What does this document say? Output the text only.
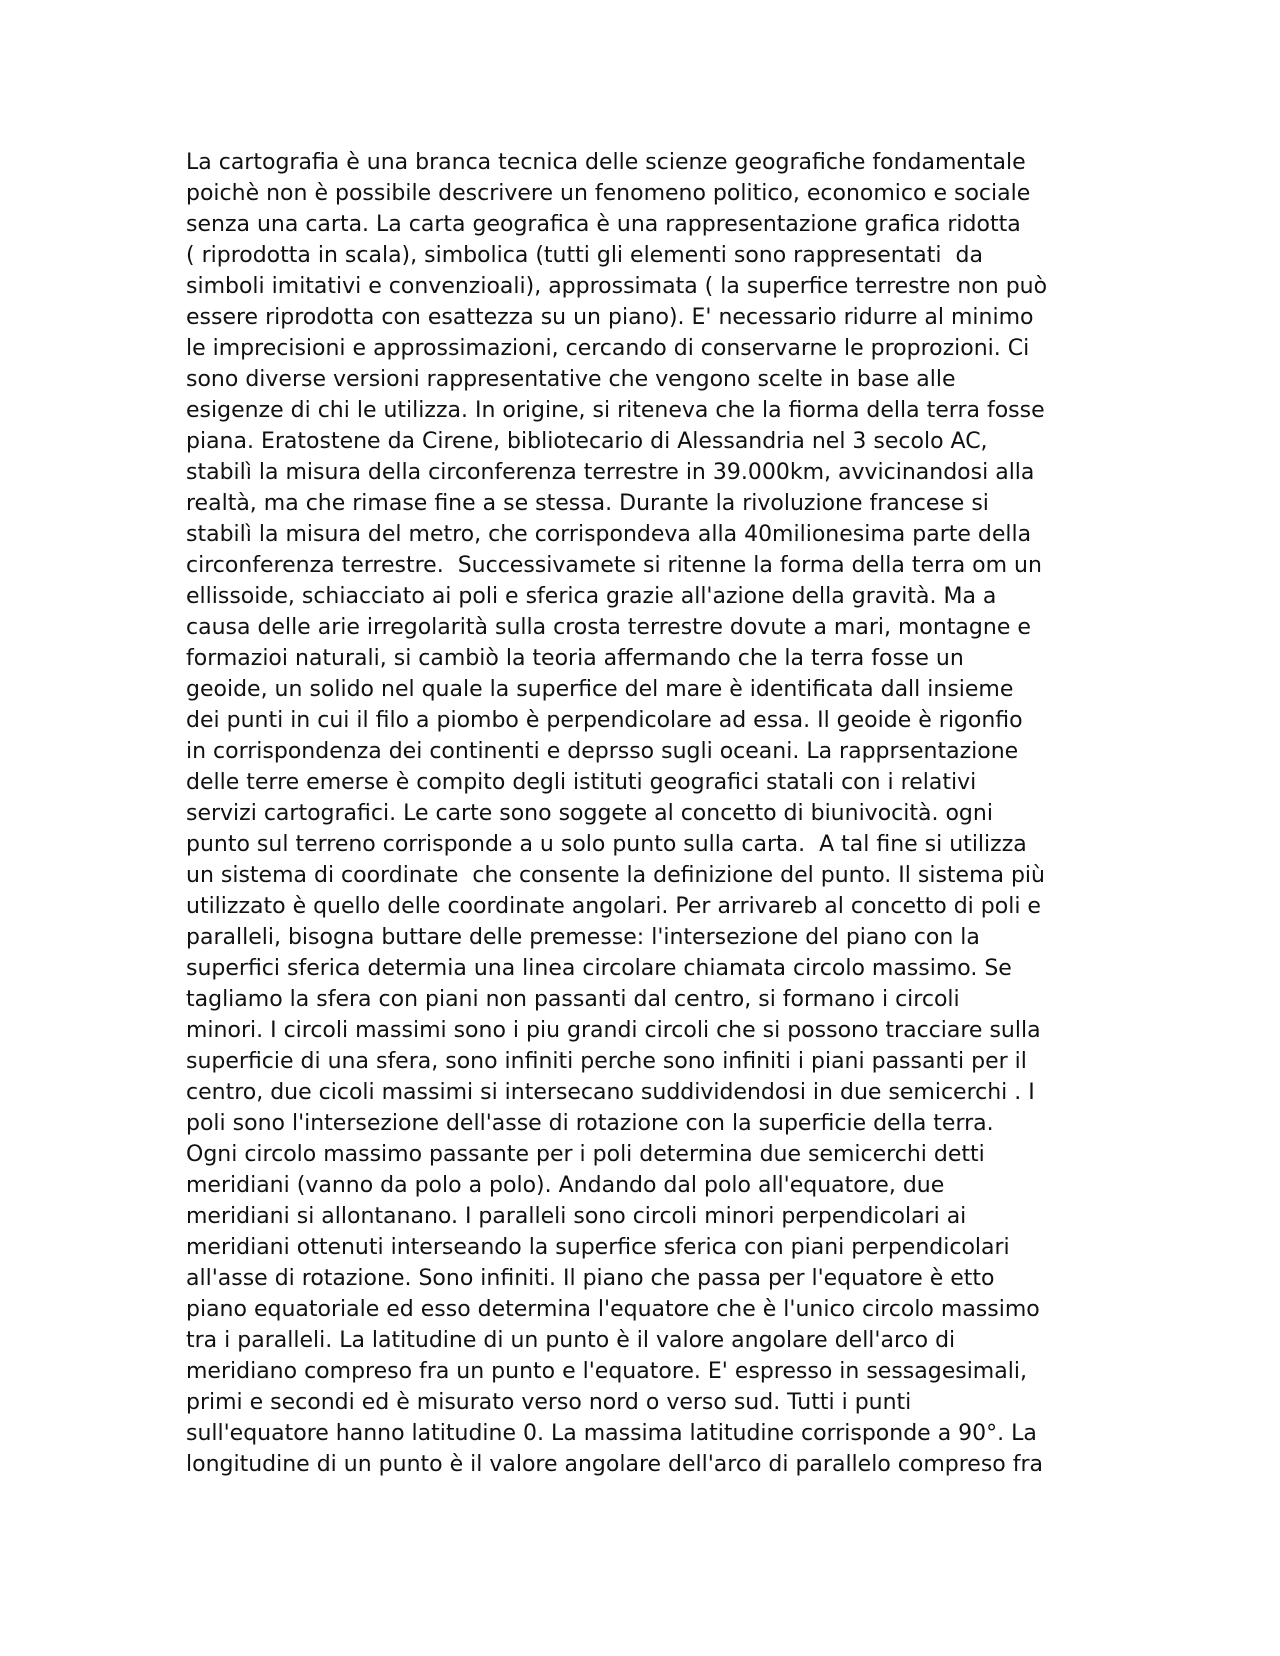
La cartografia è una branca tecnica delle scienze geografiche fondamentale
poichè non è possibile descrivere un fenomeno politico, economico e sociale
senza una carta. La carta geografica è una rappresentazione grafica ridotta
( riprodotta in scala), simbolica (tutti gli elementi sono rappresentati  da
simboli imitativi e convenzioali), approssimata ( la superfice terrestre non può
essere riprodotta con esattezza su un piano). E' necessario ridurre al minimo
le imprecisioni e approssimazioni, cercando di conservarne le proprozioni. Ci
sono diverse versioni rappresentative che vengono scelte in base alle
esigenze di chi le utilizza. In origine, si riteneva che la fiorma della terra fosse
piana. Eratostene da Cirene, bibliotecario di Alessandria nel 3 secolo AC,
stabilì la misura della circonferenza terrestre in 39.000km, avvicinandosi alla
realtà, ma che rimase fine a se stessa. Durante la rivoluzione francese si
stabilì la misura del metro, che corrispondeva alla 40milionesima parte della
circonferenza terrestre.  Successivamete si ritenne la forma della terra om un
ellissoide, schiacciato ai poli e sferica grazie all'azione della gravità. Ma a
causa delle arie irregolarità sulla crosta terrestre dovute a mari, montagne e
formazioi naturali, si cambiò la teoria affermando che la terra fosse un
geoide, un solido nel quale la superfice del mare è identificata dall insieme
dei punti in cui il filo a piombo è perpendicolare ad essa. Il geoide è rigonfio
in corrispondenza dei continenti e deprsso sugli oceani. La rapprsentazione
delle terre emerse è compito degli istituti geografici statali con i relativi
servizi cartografici. Le carte sono soggete al concetto di biunivocità. ogni
punto sul terreno corrisponde a u solo punto sulla carta.  A tal fine si utilizza
un sistema di coordinate  che consente la definizione del punto. Il sistema più
utilizzato è quello delle coordinate angolari. Per arrivareb al concetto di poli e
paralleli, bisogna buttare delle premesse: l'intersezione del piano con la
superfici sferica determia una linea circolare chiamata circolo massimo. Se
tagliamo la sfera con piani non passanti dal centro, si formano i circoli
minori. I circoli massimi sono i piu grandi circoli che si possono tracciare sulla
superficie di una sfera, sono infiniti perche sono infiniti i piani passanti per il
centro, due cicoli massimi si intersecano suddividendosi in due semicerchi . I
poli sono l'intersezione dell'asse di rotazione con la superficie della terra.
Ogni circolo massimo passante per i poli determina due semicerchi detti
meridiani (vanno da polo a polo). Andando dal polo all'equatore, due
meridiani si allontanano. I paralleli sono circoli minori perpendicolari ai
meridiani ottenuti interseando la superfice sferica con piani perpendicolari
all'asse di rotazione. Sono infiniti. Il piano che passa per l'equatore è etto
piano equatoriale ed esso determina l'equatore che è l'unico circolo massimo
tra i paralleli. La latitudine di un punto è il valore angolare dell'arco di
meridiano compreso fra un punto e l'equatore. E' espresso in sessagesimali,
primi e secondi ed è misurato verso nord o verso sud. Tutti i punti
sull'equatore hanno latitudine 0. La massima latitudine corrisponde a 90°. La
longitudine di un punto è il valore angolare dell'arco di parallelo compreso fra
